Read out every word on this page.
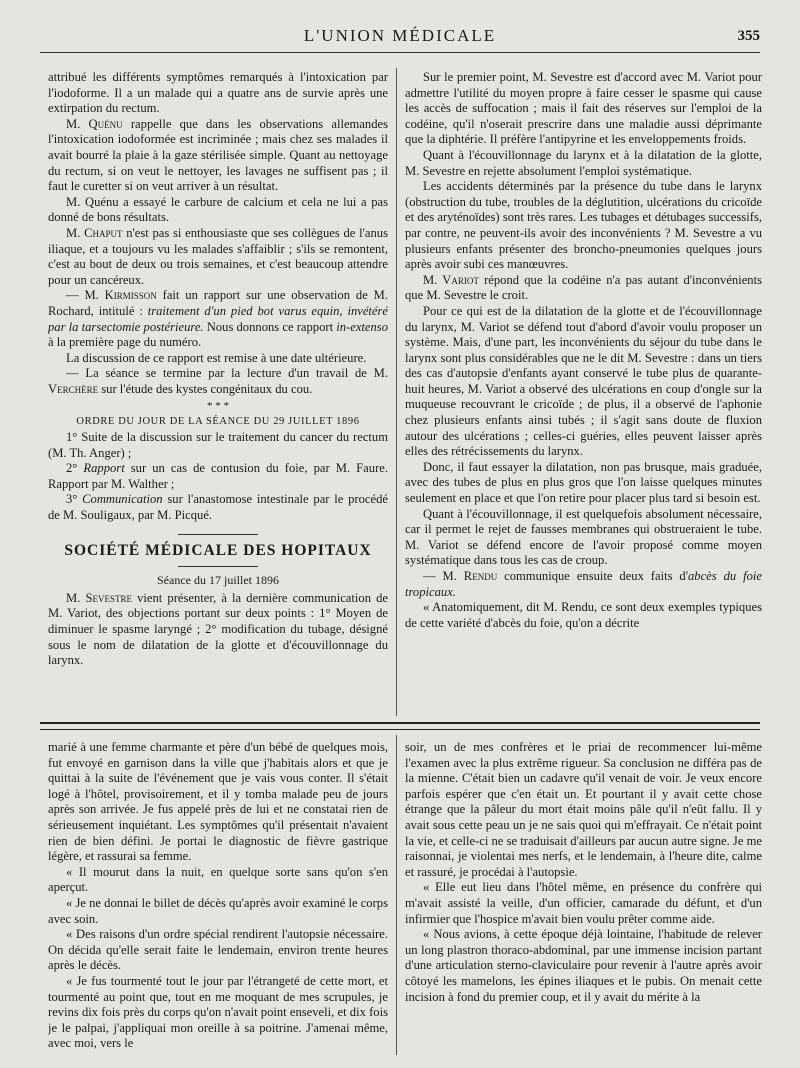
L'UNION MÉDICALE	355

attribué les différents symptômes remarqués à l'intoxication par l'iodoforme. Il a un malade qui a quatre ans de survie après une extirpation du rectum.

M. Quénu rappelle que dans les observations allemandes l'intoxication iodoformée est incriminée ; mais chez ses malades il avait bourré la plaie à la gaze stérilisée simple. Quant au nettoyage du rectum, si on veut le nettoyer, les lavages ne suffisent pas ; il faut le curetter si on veut arriver à un résultat.

M. Quénu a essayé le carbure de calcium et cela ne lui a pas donné de bons résultats.

M. Chaput n'est pas si enthousiaste que ses collègues de l'anus iliaque, et a toujours vu les malades s'affaiblir ; s'ils se remontent, c'est au bout de deux ou trois semaines, et c'est beaucoup attendre pour un cancéreux.

— M. Kirmisson fait un rapport sur une observation de M. Rochard, intitulé : traitement d'un pied bot varus equin, invétéré par la tarsectomie postérieure. Nous donnons ce rapport in-extenso à la première page du numéro.

La discussion de ce rapport est remise à une date ultérieure.

— La séance se termine par la lecture d'un travail de M. Verchère sur l'étude des kystes congénitaux du cou.

* * *

ORDRE DU JOUR DE LA SÉANCE DU 29 JUILLET 1896

1° Suite de la discussion sur le traitement du cancer du rectum (M. Th. Anger) ;

2° Rapport sur un cas de contusion du foie, par M. Faure. Rapport par M. Walther ;

3° Communication sur l'anastomose intestinale par le procédé de M. Souligaux, par M. Picqué.

SOCIÉTÉ MÉDICALE DES HOPITAUX

Séance du 17 juillet 1896

M. Sevestre vient présenter, à la dernière communication de M. Variot, des objections portant sur deux points : 1° Moyen de diminuer le spasme laryngé ; 2° modification du tubage, désigné sous le nom de dilatation de la glotte et d'écouvillonnage du larynx.

Sur le premier point, M. Sevestre est d'accord avec M. Variot pour admettre l'utilité du moyen propre à faire cesser le spasme qui cause les accès de suffocation ; mais il fait des réserves sur l'emploi de la codéine, qu'il n'oserait prescrire dans une maladie aussi déprimante que la diphtérie. Il préfère l'antipyrine et les enveloppements froids.

Quant à l'écouvillonnage du larynx et à la dilatation de la glotte, M. Sevestre en rejette absolument l'emploi systématique.

Les accidents déterminés par la présence du tube dans le larynx (obstruction du tube, troubles de la déglutition, ulcérations du cricoïde et des aryténoïdes) sont très rares. Les tubages et détubages successifs, par contre, ne peuvent-ils avoir des inconvénients ? M. Sevestre a vu plusieurs enfants présenter des broncho-pneumonies quelques jours après avoir subi ces manœuvres.

M. Variot répond que la codéine n'a pas autant d'inconvénients que M. Sevestre le croit.

Pour ce qui est de la dilatation de la glotte et de l'écouvillonnage du larynx, M. Variot se défend tout d'abord d'avoir voulu proposer un système. Mais, d'une part, les inconvénients du séjour du tube dans le larynx sont plus considérables que ne le dit M. Sevestre : dans un tiers des cas d'autopsie d'enfants ayant conservé le tube plus de quarante-huit heures, M. Variot a observé des ulcérations en coup d'ongle sur la muqueuse recouvrant le cricoïde ; de plus, il a observé de l'aphonie chez plusieurs enfants ainsi tubés ; il s'agit sans doute de fluxion autour des ulcérations ; celles-ci guéries, elles peuvent laisser après elles des rétrécissements du larynx.

Donc, il faut essayer la dilatation, non pas brusque, mais graduée, avec des tubes de plus en plus gros que l'on laisse quelques minutes seulement en place et que l'on retire pour placer plus tard si besoin est.

Quant à l'écouvillonnage, il est quelquefois absolument nécessaire, car il permet le rejet de fausses membranes qui obstrueraient le tube. M. Variot se défend encore de l'avoir proposé comme moyen systématique dans tous les cas de croup.

— M. Rendu communique ensuite deux faits d'abcès du foie tropicaux.

« Anatomiquement, dit M. Rendu, ce sont deux exemples typiques de cette variété d'abcès du foie, qu'on a décrite

marié à une femme charmante et père d'un bébé de quelques mois, fut envoyé en garnison dans la ville que j'habitais alors et que je quittai à la suite de l'événement que je vais vous conter. Il s'était logé à l'hôtel, provisoirement, et il y tomba malade peu de jours après son arrivée. Je fus appelé près de lui et ne constatai rien de sérieusement inquiétant. Les symptômes qu'il présentait n'avaient rien de bien défini. Je portai le diagnostic de fièvre gastrique légère, et rassurai sa femme.

« Il mourut dans la nuit, en quelque sorte sans qu'on s'en aperçut.

« Je ne donnai le billet de décès qu'après avoir examiné le corps avec soin.

« Des raisons d'un ordre spécial rendirent l'autopsie nécessaire. On décida qu'elle serait faite le lendemain, environ trente heures après le décès.

« Je fus tourmenté tout le jour par l'étrangeté de cette mort, et tourmenté au point que, tout en me moquant de mes scrupules, je revins dix fois près du corps qu'on n'avait point enseveli, et dix fois je le palpai, j'appliquai mon oreille à sa poitrine. J'amenai même, avec moi, vers le

soir, un de mes confrères et le priai de recommencer lui-même l'examen avec la plus extrême rigueur. Sa conclusion ne différa pas de la mienne. C'était bien un cadavre qu'il venait de voir. Je veux encore parfois espérer que c'en était un. Et pourtant il y avait cette chose étrange que la pâleur du mort était moins pâle qu'il n'eût fallu. Il y avait sous cette peau un je ne sais quoi qui m'effrayait. Ce n'était point la vie, et celle-ci ne se traduisait d'ailleurs par aucun autre signe. Je me raisonnai, je violentai mes nerfs, et le lendemain, à l'heure dite, calme et rassuré, je procédai à l'autopsie.

« Elle eut lieu dans l'hôtel même, en présence du confrère qui m'avait assisté la veille, d'un officier, camarade du défunt, et d'un infirmier que l'hospice m'avait bien voulu prêter comme aide.

« Nous avions, à cette époque déjà lointaine, l'habitude de relever un long plastron thoraco-abdominal, par une immense incision partant d'une articulation sterno-claviculaire pour revenir à l'autre après avoir côtoyé les mamelons, les épines iliaques et le pubis. On menait cette incision à fond du premier coup, et il y avait du mérite à la
